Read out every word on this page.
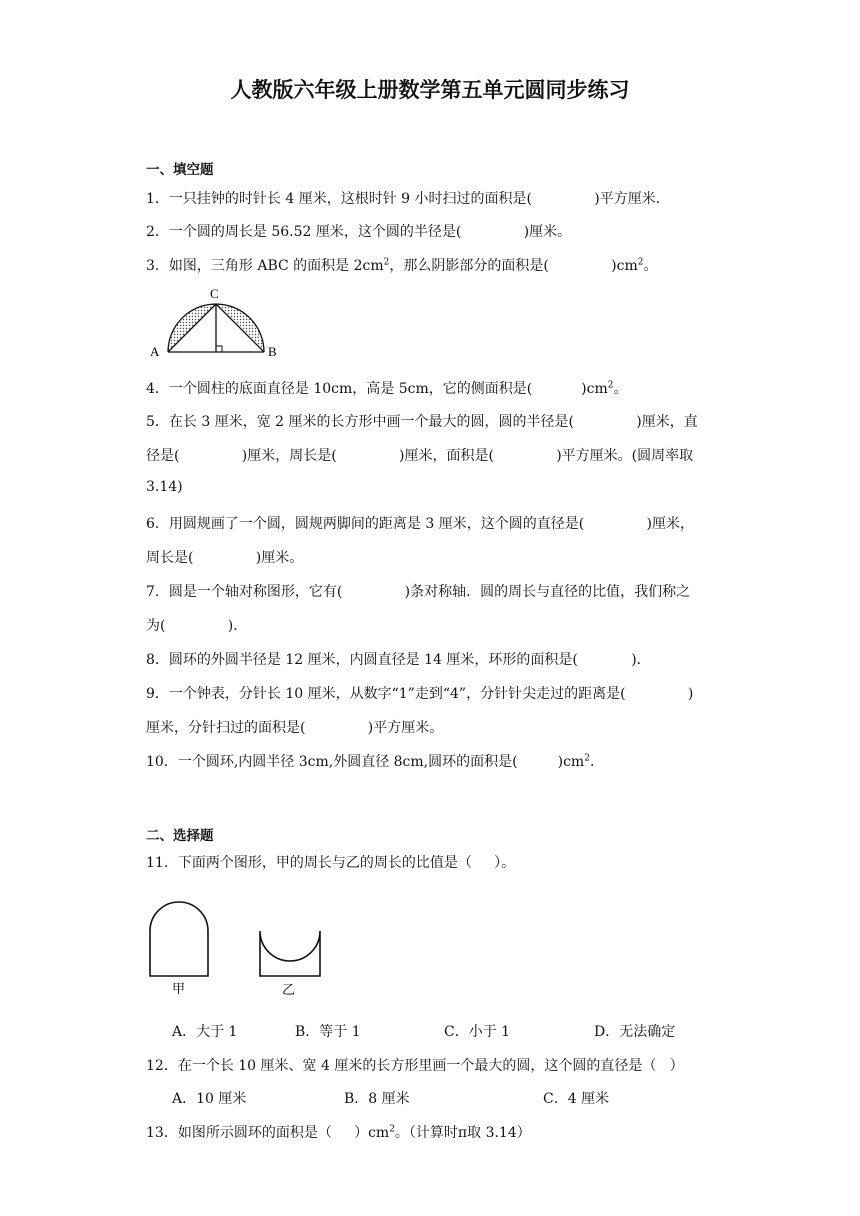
人教版六年级上册数学第五单元圆同步练习
一、填空题
1．一只挂钟的时针长 4 厘米，这根时针 9 小时扫过的面积是(              )平方厘米．
2．一个圆的周长是 56.52 厘米，这个圆的半径是(              )厘米。
3．如图，三角形 ABC 的面积是 $2cm^2$，那么阴影部分的面积是(              )$cm^2$。
A	B
C
4．一个圆柱的底面直径是 10cm，高是 5cm，它的侧面积是(           )$cm^2$。
5．在长 3 厘米，宽 2 厘米的长方形中画一个最大的圆，圆的半径是(              )厘米，直
径是(              )厘米，周长是(              )厘米，面积是(              )平方厘米。(圆周率取
3.14)
6．用圆规画了一个圆，圆规两脚间的距离是 3 厘米，这个圆的直径是(              )厘米，
周长是(              )厘米。
7．圆是一个轴对称图形，它有(              )条对称轴．圆的周长与直径的比值，我们称之
为(              )．
8．圆环的外圆半径是 12 厘米，内圆直径是 14 厘米，环形的面积是(            )．
9．一个钟表，分针长 10 厘米，从数字“1”走到“4”，分针针尖走过的距离是(              )
厘米，分针扫过的面积是(              )平方厘米。
10．一个圆环,内圆半径 3cm,外圆直径 8cm,圆环的面积是(         )$cm^2$.
二、选择题
11．下面两个图形，甲的周长与乙的周长的比值是（     ）。
甲	乙
A．大于 1	B．等于 1	C．小于 1	D．无法确定
12．在一个长 10 厘米、宽 4 厘米的长方形里画一个最大的圆，这个圆的直径是（   ）
A．10 厘米	B．8 厘米	C．4 厘米
13．如图所示圆环的面积是（     ）$cm^2$。（计算时π取 3.14）
